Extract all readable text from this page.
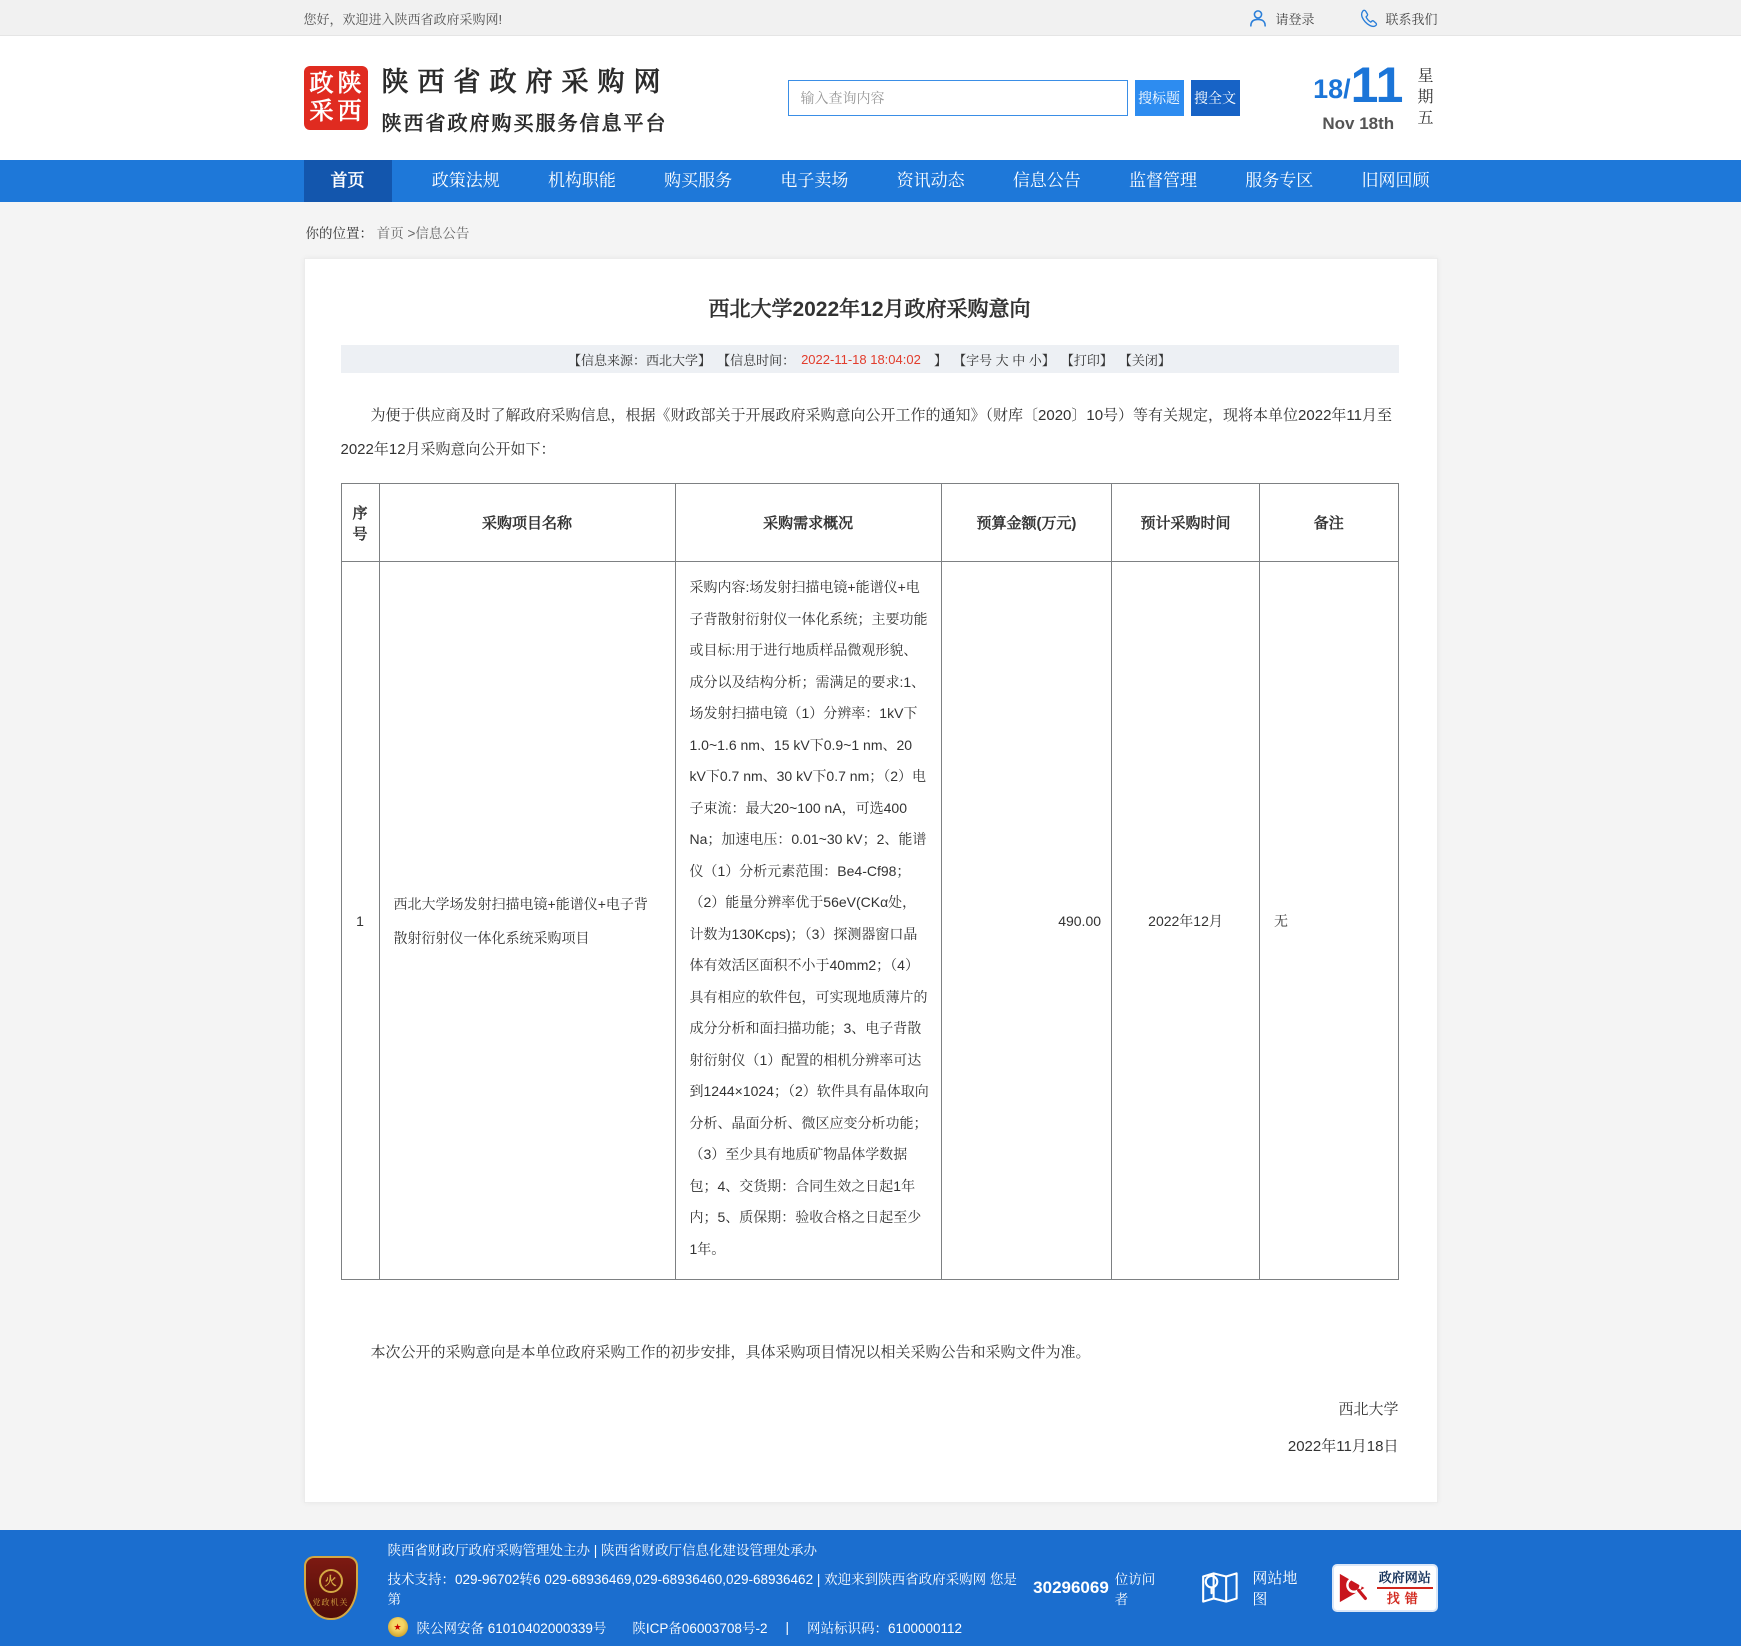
您好，欢迎进入陕西省政府采购网!	请登录	联系我们
政 陕
采 西
陕西省政府采购网
陕西省政府购买服务信息平台
输入查询内容
搜标题 搜全文	18/ 11
Nov 18th
星
期
五
首页	政策法规	机构职能	购买服务	电子卖场	资讯动态	信息公告	监督管理	服务专区	旧网回顾
你的位置： 首页 >信息公告
西北大学2022年12月政府采购意向
【信息来源：西北大学】 【信息时间： 2022-11-18 18:04:02 】 【字号 大 中 小】 【打印】 【关闭】

为便于供应商及时了解政府采购信息，根据《财政部关于开展政府采购意向公开工作的通知》（财库〔2020〕10号）等有关规定，现将本单位2022年11月至2022年12月采购意向公开如下：

序号	采购项目名称	采购需求概况	预算金额(万元)	预计采购时间	备注
1	西北大学场发射扫描电镜+能谱仪+电子背散射衍射仪一体化系统采购项目	采购内容:场发射扫描电镜+能谱仪+电子背散射衍射仪一体化系统；主要功能或目标:用于进行地质样品微观形貌、成分以及结构分析；需满足的要求:1、场发射扫描电镜（1）分辨率：1kV下1.0~1.6 nm、15 kV下0.9~1 nm、20 kV下0.7 nm、30 kV下0.7 nm；（2）电子束流：最大20~100 nA，可选400 Na；加速电压：0.01~30 kV；2、能谱仪（1）分析元素范围：Be4-Cf98；（2）能量分辨率优于56eV(CKα处，计数为130Kcps)；（3）探测器窗口晶体有效活区面积不小于40mm2；（4）具有相应的软件包，可实现地质薄片的成分分析和面扫描功能；3、电子背散射衍射仪（1）配置的相机分辨率可达到1244×1024；（2）软件具有晶体取向分析、晶面分析、微区应变分析功能；（3）至少具有地质矿物晶体学数据包；4、交货期：合同生效之日起1年内；5、质保期：验收合格之日起至少1年。	490.00	2022年12月	无

本次公开的采购意向是本单位政府采购工作的初步安排，具体采购项目情况以相关采购公告和采购文件为准。

西北大学
2022年11月18日
火
党政机关
陕西省财政厅政府采购管理处主办 | 陕西省财政厅信息化建设管理处承办
技术支持：029-96702转6 029-68936469,029-68936460,029-68936462 | 欢迎来到陕西省政府采购网 您是第
30296069 位访问者
★	陕公网安备 61010402000339号 陕ICP备06003708号-2 | 网站标识码：6100000112
网站地图
政府网站
找错
